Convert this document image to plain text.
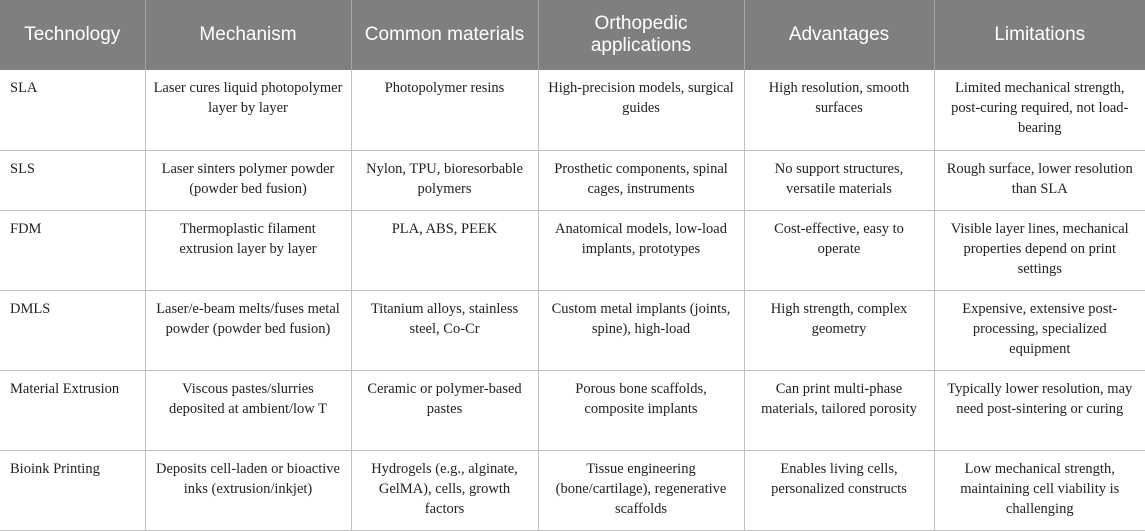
Technology	Mechanism	Common materials	Orthopedic applications	Advantages	Limitations
SLA	Laser cures liquid photopolymer layer by layer	Photopolymer resins	High-precision models, surgical guides	High resolution, smooth surfaces	Limited mechanical strength, post-curing required, not load-bearing
SLS	Laser sinters polymer powder (powder bed fusion)	Nylon, TPU, bioresorbable polymers	Prosthetic components, spinal cages, instruments	No support structures, versatile materials	Rough surface, lower resolution than SLA
FDM	Thermoplastic filament extrusion layer by layer	PLA, ABS, PEEK	Anatomical models, low-load implants, prototypes	Cost-effective, easy to operate	Visible layer lines, mechanical properties depend on print settings
DMLS	Laser/e-beam melts/fuses metal powder (powder bed fusion)	Titanium alloys, stainless steel, Co-Cr	Custom metal implants (joints, spine), high-load	High strength, complex geometry	Expensive, extensive post-processing, specialized equipment
Material Extrusion	Viscous pastes/slurries deposited at ambient/low T	Ceramic or polymer-based pastes	Porous bone scaffolds, composite implants	Can print multi-phase materials, tailored porosity	Typically lower resolution, may need post-sintering or curing
Bioink Printing	Deposits cell-laden or bioactive inks (extrusion/inkjet)	Hydrogels (e.g., alginate, GelMA), cells, growth factors	Tissue engineering (bone/cartilage), regenerative scaffolds	Enables living cells, personalized constructs	Low mechanical strength, maintaining cell viability is challenging
